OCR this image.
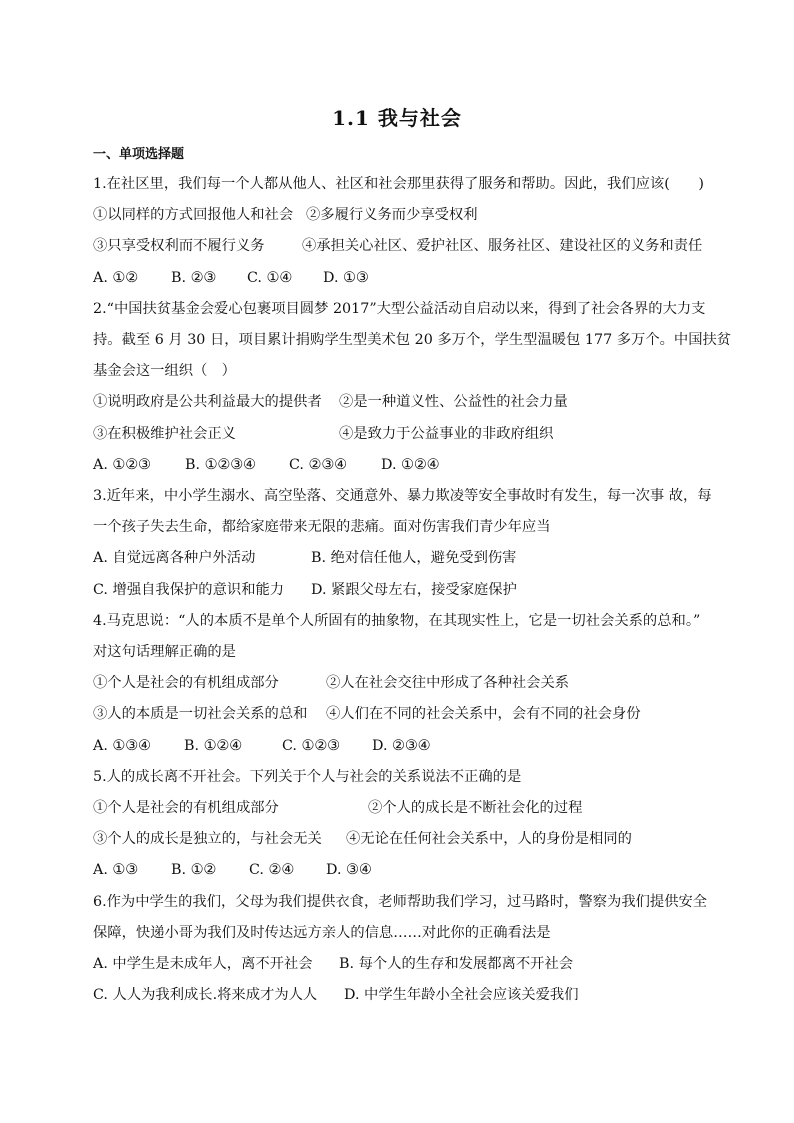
1.1 我与社会
一、单项选择题
1.在社区里，我们每一个人都从他人、社区和社会那里获得了服务和帮助。因此，我们应该(　　)
①以同样的方式回报他人和社会 ②多履行义务而少享受权利
③只享受权利而不履行义务	④承担关心社区、爱护社区、服务社区、建设社区的义务和责任
A. ①② B. ②③ C. ①④ D. ①③
2.“中国扶贫基金会爱心包裹项目圆梦 2017”大型公益活动自启动以来，得到了社会各界的大力支
持。截至 6 月 30 日，项目累计捐购学生型美术包 20 多万个，学生型温暖包 177 多万个。中国扶贫
基金会这一组织（　）
①说明政府是公共利益最大的提供者 ②是一种道义性、公益性的社会力量
③在积极维护社会正义	④是致力于公益事业的非政府组织
A. ①②③ B. ①②③④ C. ②③④ D. ①②④
3.近年来，中小学生溺水、高空坠落、交通意外、暴力欺凌等安全事故时有发生，每一次事 故，每
一个孩子失去生命，都给家庭带来无限的悲痛。面对伤害我们青少年应当
A. 自觉远离各种户外活动	B. 绝对信任他人，避免受到伤害
C. 增强自我保护的意识和能力 D. 紧跟父母左右，接受家庭保护
4.马克思说：“人的本质不是单个人所固有的抽象物，在其现实性上，它是一切社会关系的总和。”
对这句话理解正确的是
①个人是社会的有机组成部分	②人在社会交往中形成了各种社会关系
③人的本质是一切社会关系的总和 ④人们在不同的社会关系中，会有不同的社会身份
A. ①③④ B. ①②④	C. ①②③ D. ②③④
5.人的成长离不开社会。下列关于个人与社会的关系说法不正确的是
①个人是社会的有机组成部分	②个人的成长是不断社会化的过程
③个人的成长是独立的，与社会无关 ④无论在任何社会关系中，人的身份是相同的
A. ①③ B. ①② C. ②④ D. ③④
6.作为中学生的我们，父母为我们提供衣食，老师帮助我们学习，过马路时，警察为我们提供安全
保障，快递小哥为我们及时传达远方亲人的信息……对此你的正确看法是
A. 中学生是未成年人，离不开社会 B. 每个人的生存和发展都离不开社会
C. 人人为我利成长.将来成才为人人 D. 中学生年龄小全社会应该关爱我们
